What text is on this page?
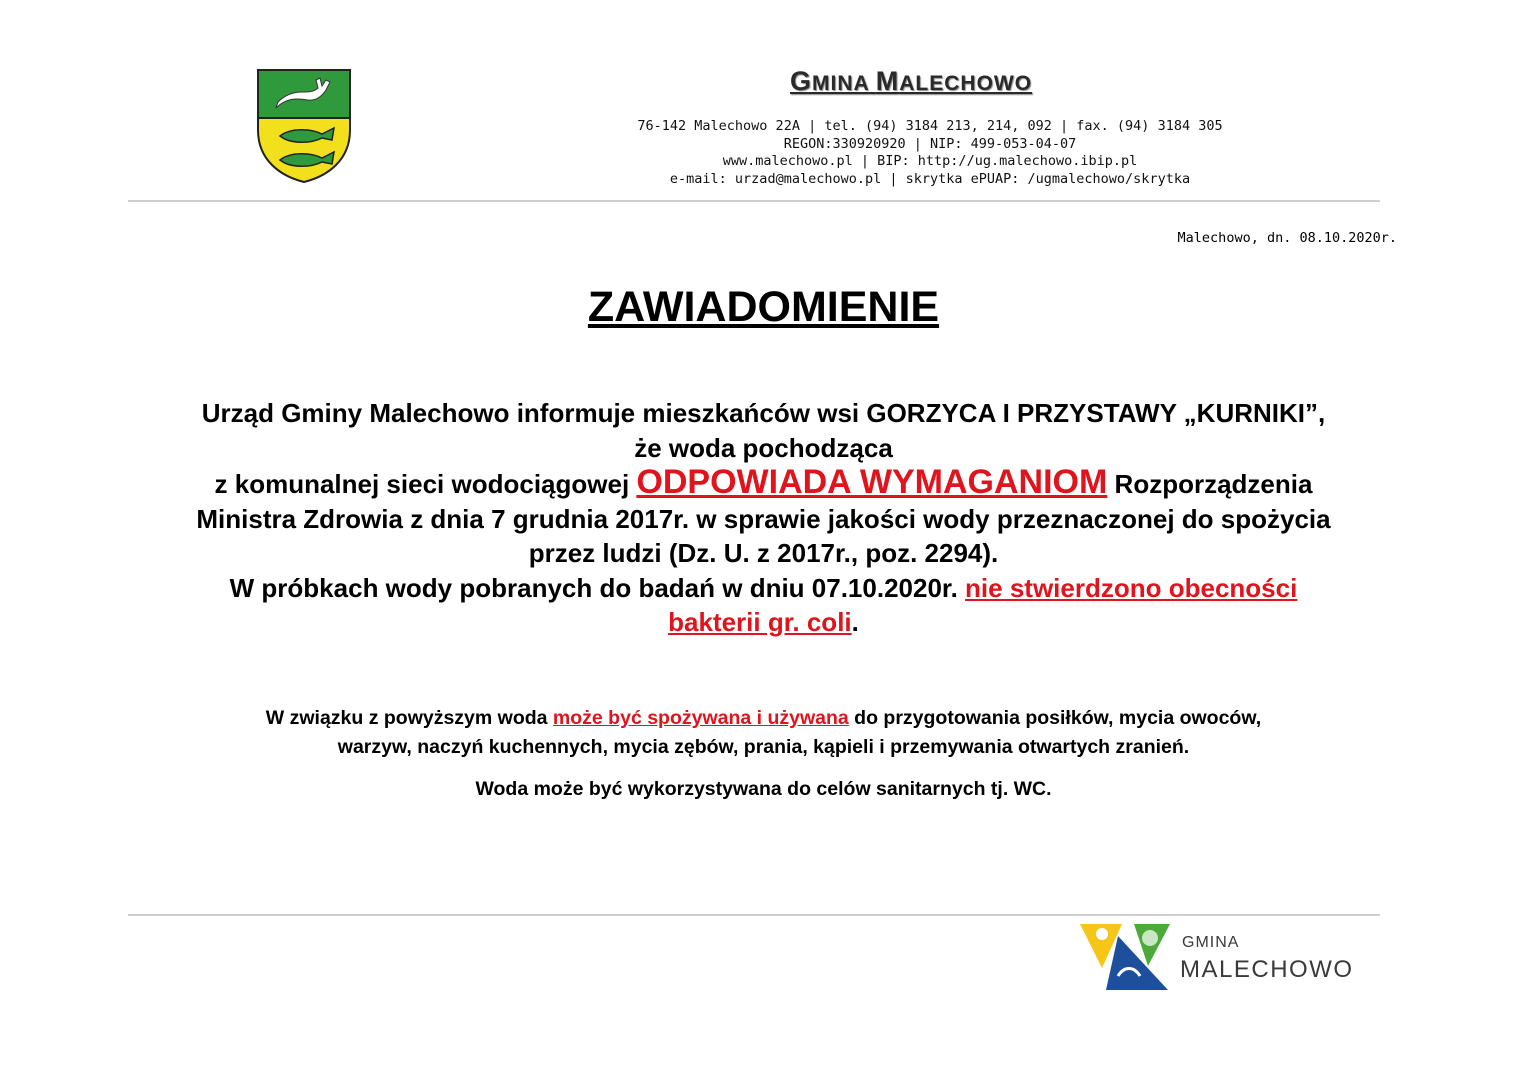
GMINA MALECHOWO
76-142 Malechowo 22A | tel. (94) 3184 213, 214, 092 | fax. (94) 3184 305
REGON:330920920 | NIP: 499-053-04-07
www.malechowo.pl | BIP: http://ug.malechowo.ibip.pl
e-mail: urzad@malechowo.pl | skrytka ePUAP: /ugmalechowo/skrytka
Malechowo, dn. 08.10.2020r.
ZAWIADOMIENIE
Urząd Gminy Malechowo informuje mieszkańców wsi GORZYCA I PRZYSTAWY „KURNIKI”,
że woda pochodząca
z komunalnej sieci wodociągowej ODPOWIADA WYMAGANIOM Rozporządzenia
Ministra Zdrowia z dnia 7 grudnia 2017r. w sprawie jakości wody przeznaczonej do spożycia
przez ludzi (Dz. U. z 2017r., poz. 2294).
W próbkach wody pobranych do badań w dniu 07.10.2020r. nie stwierdzono obecności
bakterii gr. coli.
W związku z powyższym woda może być spożywana i używana do przygotowania posiłków, mycia owoców,
warzyw, naczyń kuchennych, mycia zębów, prania, kąpieli i przemywania otwartych zranień.
Woda może być wykorzystywana do celów sanitarnych tj. WC.
GMINA
MALECHOWO
